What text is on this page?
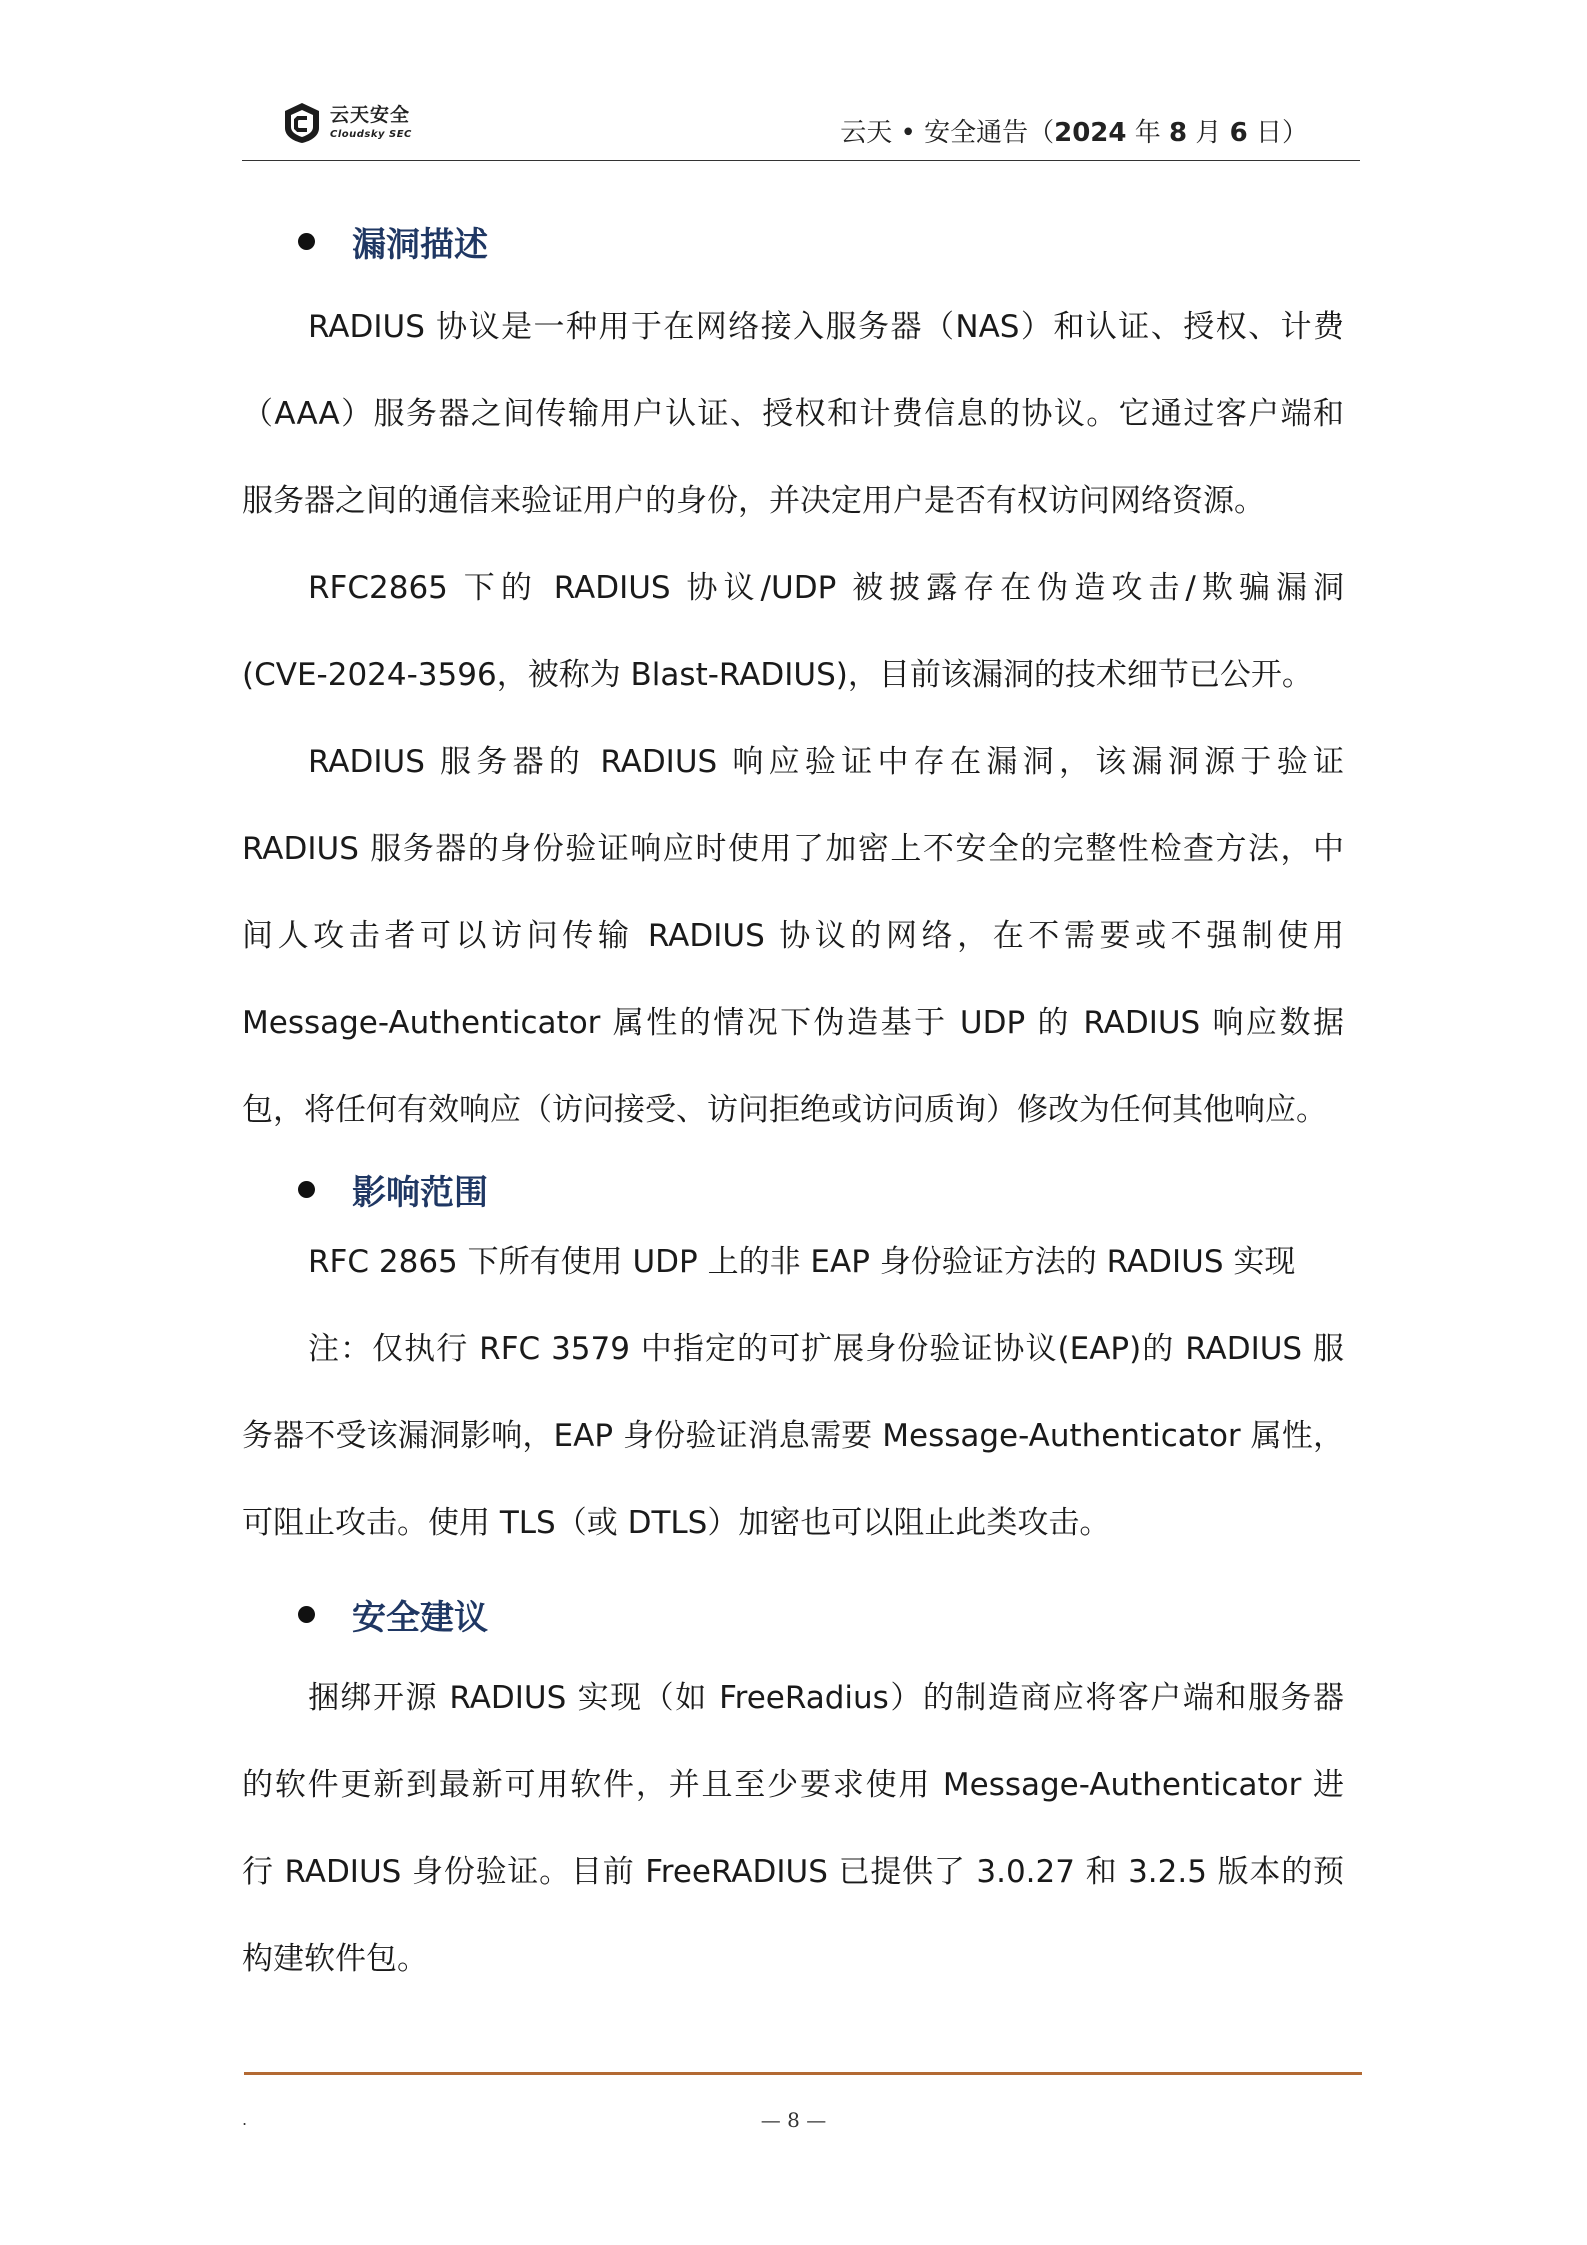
云天安全
Cloudsky SEC	云天 • 安全通告（2024 年 8 月 6 日）
漏洞描述
RADIUS 协议是一种用于在网络接入服务器（NAS）和认证、授权、计费
（AAA）服务器之间传输用户认证、授权和计费信息的协议。它通过客户端和
服务器之间的通信来验证用户的身份，并决定用户是否有权访问网络资源。
RFC2865 下的 RADIUS 协议/UDP 被披露存在伪造攻击/欺骗漏洞
(CVE-2024-3596，被称为 Blast-RADIUS)，目前该漏洞的技术细节已公开。
RADIUS 服务器的 RADIUS 响应验证中存在漏洞，该漏洞源于验证
RADIUS 服务器的身份验证响应时使用了加密上不安全的完整性检查方法，中
间人攻击者可以访问传输 RADIUS 协议的网络，在不需要或不强制使用
Message-Authenticator 属性的情况下伪造基于 UDP 的 RADIUS 响应数据
包，将任何有效响应（访问接受、访问拒绝或访问质询）修改为任何其他响应。
影响范围
RFC 2865 下所有使用 UDP 上的非 EAP 身份验证方法的 RADIUS 实现
注：仅执行 RFC 3579 中指定的可扩展身份验证协议(EAP)的 RADIUS 服
务器不受该漏洞影响，EAP 身份验证消息需要 Message-Authenticator 属性，
可阻止攻击。使用 TLS（或 DTLS）加密也可以阻止此类攻击。
安全建议
捆绑开源 RADIUS 实现（如 FreeRadius）的制造商应将客户端和服务器
的软件更新到最新可用软件，并且至少要求使用 Message-Authenticator 进
行 RADIUS 身份验证。目前 FreeRADIUS 已提供了 3.0.27 和 3.2.5 版本的预
构建软件包。
.	— 8 —
